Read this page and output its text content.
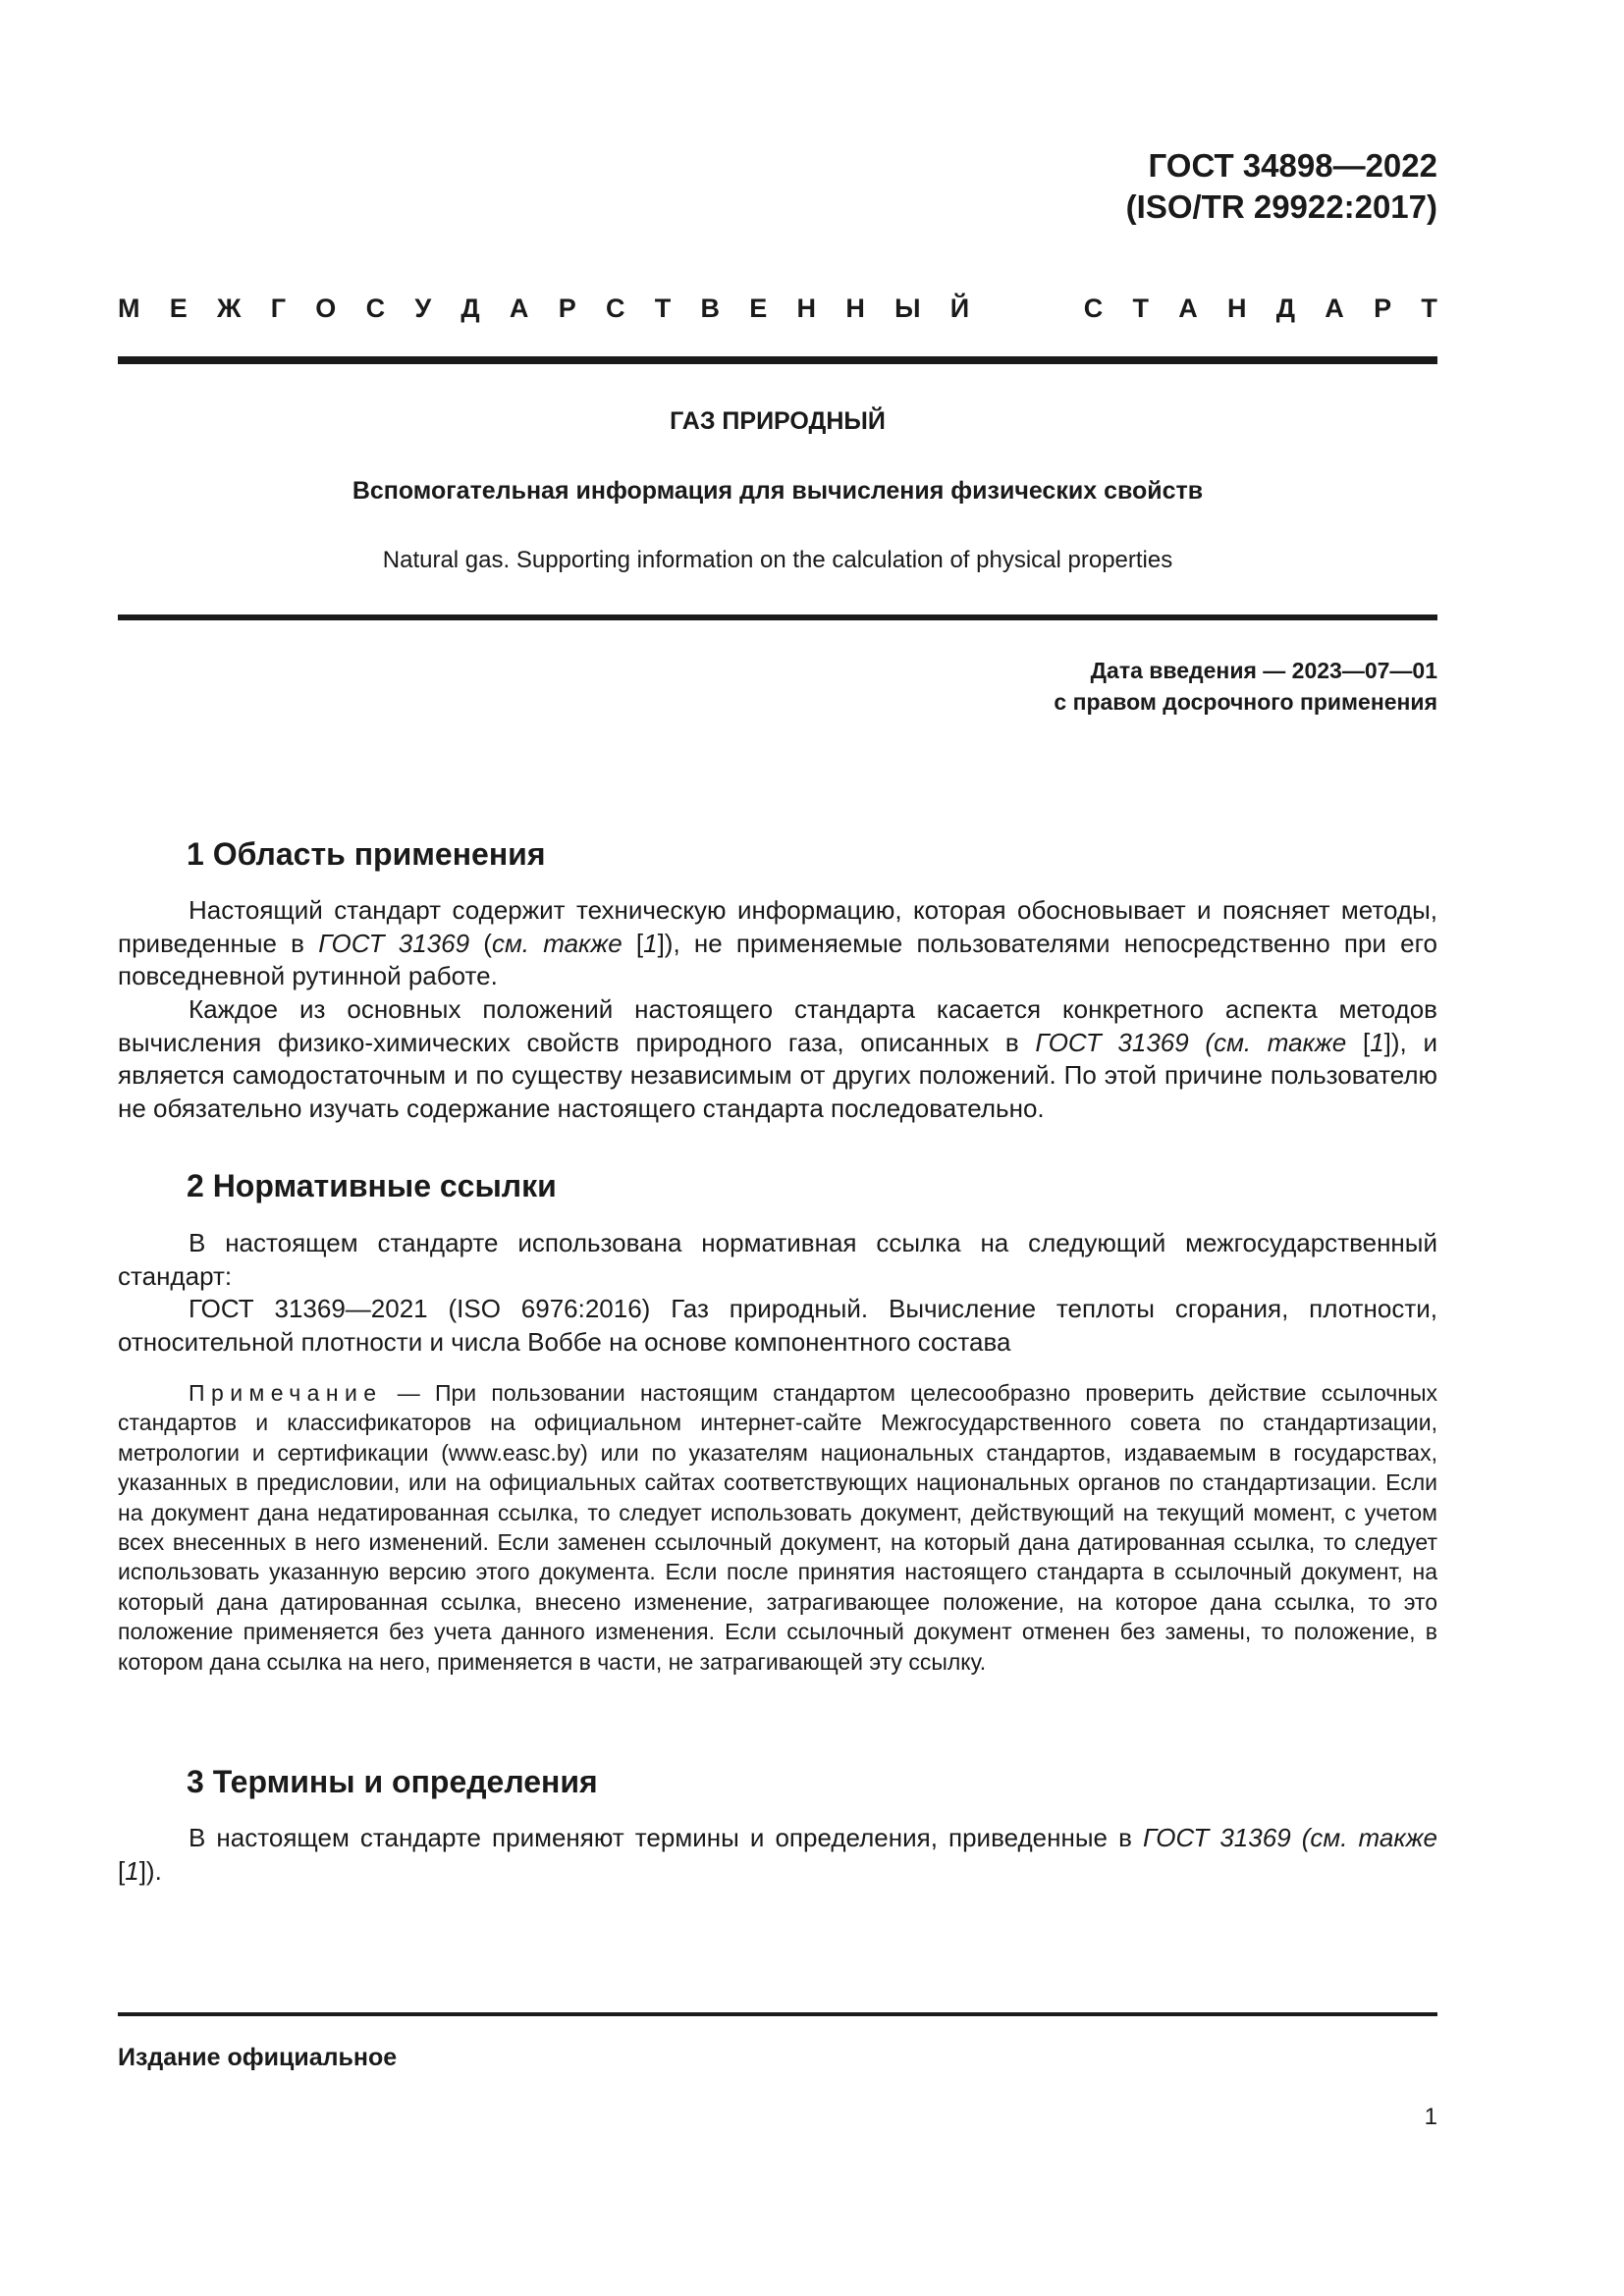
ГОСТ 34898—2022
(ISO/TR 29922:2017)
М Е Ж Г О С У Д А Р С Т В Е Н Н Ы Й	С Т А Н Д А Р Т
ГАЗ ПРИРОДНЫЙ
Вспомогательная информация для вычисления физических свойств
Natural gas. Supporting information on the calculation of physical properties
Дата введения — 2023—07—01
с правом досрочного применения
1 Область применения

Настоящий стандарт содержит техническую информацию, которая обосновывает и поясняет методы, приведенные в ГОСТ 31369 (см. также [1]), не применяемые пользователями непосредственно при его повседневной рутинной работе.

Каждое из основных положений настоящего стандарта касается конкретного аспекта методов вычисления физико-химических свойств природного газа, описанных в ГОСТ 31369 (см. также [1]), и является самодостаточным и по существу независимым от других положений. По этой причине пользователю не обязательно изучать содержание настоящего стандарта последовательно.

2 Нормативные ссылки

В настоящем стандарте использована нормативная ссылка на следующий межгосударственный стандарт:

ГОСТ 31369—2021 (ISO 6976:2016) Газ природный. Вычисление теплоты сгорания, плотности, относительной плотности и числа Воббе на основе компонентного состава

Примечание — При пользовании настоящим стандартом целесообразно проверить действие ссылочных стандартов и классификаторов на официальном интернет-сайте Межгосударственного совета по стандартизации, метрологии и сертификации (www.easc.by) или по указателям национальных стандартов, издаваемым в государствах, указанных в предисловии, или на официальных сайтах соответствующих национальных органов по стандартизации. Если на документ дана недатированная ссылка, то следует использовать документ, действующий на текущий момент, с учетом всех внесенных в него изменений. Если заменен ссылочный документ, на который дана датированная ссылка, то следует использовать указанную версию этого документа. Если после принятия настоящего стандарта в ссылочный документ, на который дана датированная ссылка, внесено изменение, затрагивающее положение, на которое дана ссылка, то это положение применяется без учета данного изменения. Если ссылочный документ отменен без замены, то положение, в котором дана ссылка на него, применяется в части, не затрагивающей эту ссылку.

3 Термины и определения

В настоящем стандарте применяют термины и определения, приведенные в ГОСТ 31369 (см. также [1]).

Издание официальное
1
